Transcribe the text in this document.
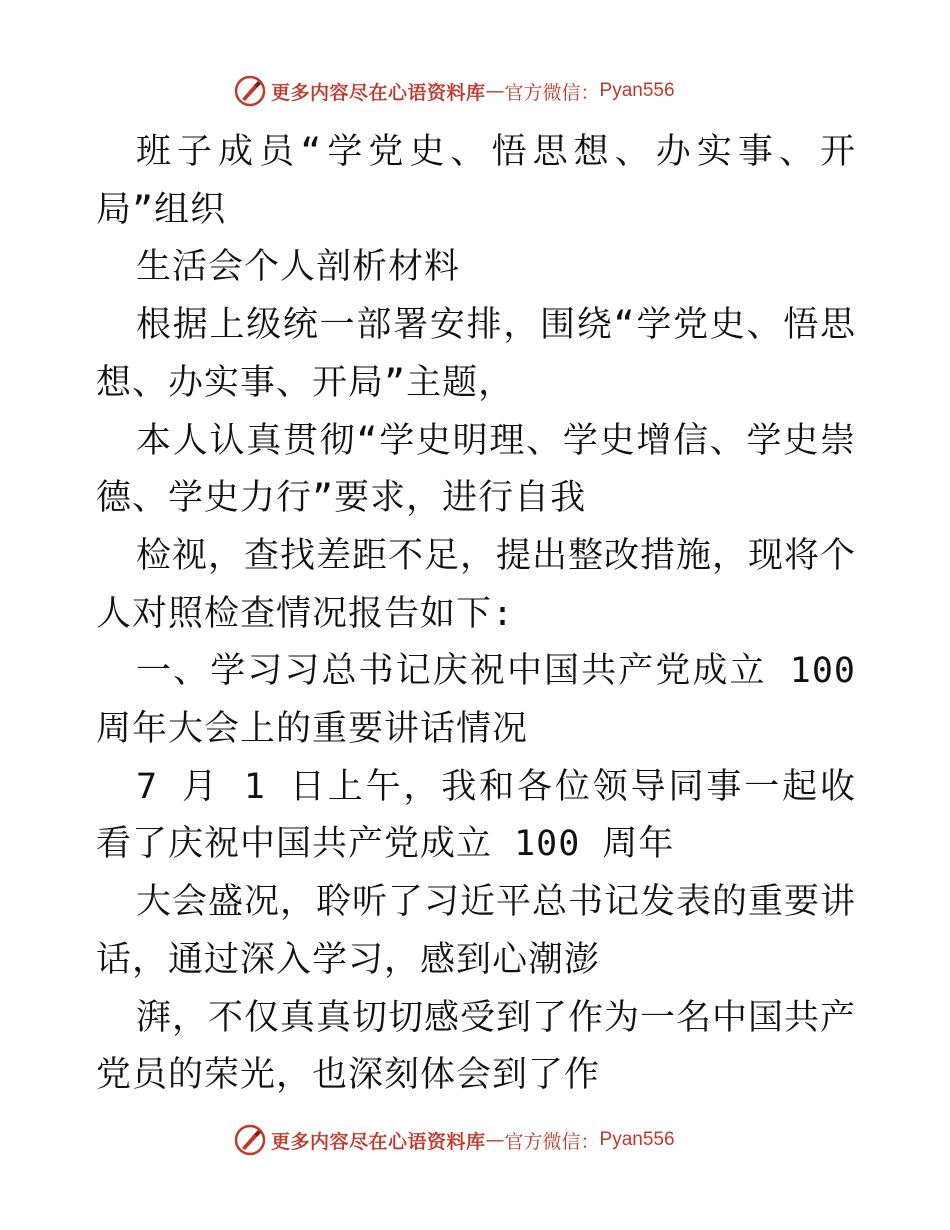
更多内容尽在心语资料库 — 官方微信： Pyan556

班子成员“学党史、悟思想、办实事、开局”组织

生活会个人剖析材料

根据上级统一部署安排，围绕“学党史、悟思想、办实事、开局”主题，

本人认真贯彻“学史明理、学史增信、学史崇德、学史力行”要求，进行自我

检视，查找差距不足，提出整改措施，现将个人对照检查情况报告如下:

一、学习习总书记庆祝中国共产党成立 100 周年大会上的重要讲话情况

7 月 1 日上午，我和各位领导同事一起收看了庆祝中国共产党成立 100 周年

大会盛况，聆听了习近平总书记发表的重要讲话，通过深入学习，感到心潮澎

湃，不仅真真切切感受到了作为一名中国共产党员的荣光，也深刻体会到了作

更多内容尽在心语资料库 — 官方微信： Pyan556
